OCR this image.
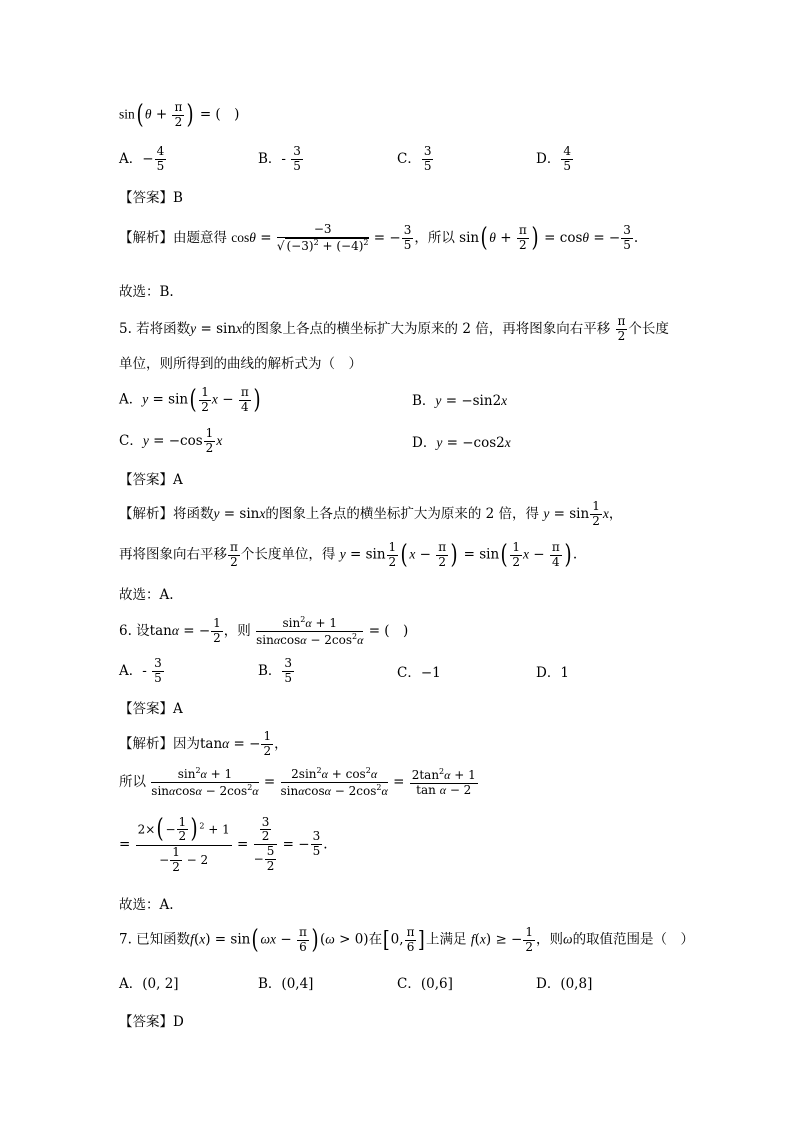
sin( $\theta + \frac{\pi}{2}$ ) = (　)
A．− $\frac{4}{5}$	B．- $\frac{3}{5}$	C． $\frac{3}{5}$	D． $\frac{4}{5}$
【答案】B
【解析】由题意得 $\cos\theta = \frac{-3}{√ (-3)^2 + (-4)^2}$ = − $\frac{3}{5}$ ，所以 sin( $\theta + \frac{\pi}{2}$ ) = cosθ = − $\frac{3}{5}$ .
故选：B.
5. 若将函数y = sinx的图象上各点的横坐标扩大为原来的 2 倍，再将图象向右平移 $\frac{\pi}{2}$ 个长度
单位，则所得到的曲线的解析式为（　）
A．$y = \sin( \frac{1}{2}$ $x - \frac{\pi}{4}$ )	B．y = −sin2x
C．$y = -\cos \frac{1}{2}$ x	D．y = −cos2x
【答案】A
【解析】将函数y = sinx的图象上各点的横坐标扩大为原来的 2 倍，得 $y = \sin \frac{1}{2}$ x，
再将图象向右平移 $\frac{\pi}{2}$ 个长度单位，得 $y = \sin \frac{1}{2}$ ( $x - \frac{\pi}{2}$ ) = $\sin( \frac{1}{2}$ $x - \frac{\pi}{4}$ ) .
故选：A.
6. 设tanα = − $\frac{1}{2}$ ，则 $\frac{\sin^2\alpha + 1}{\sin\alpha\cos\alpha - 2\cos^2\alpha}$ = (　)
A．- $\frac{3}{5}$	B． $\frac{3}{5}$	C．−1	D．1
【答案】A
【解析】因为tanα = − $\frac{1}{2}$ ，
所以 $\frac{\sin^2\alpha + 1}{\sin\alpha\cos\alpha - 2\cos^2\alpha} = \frac{2\sin^2\alpha + \cos^2\alpha}{\sin\alpha\cos\alpha - 2\cos^2\alpha} = \frac{2\tan^2\alpha + 1}{\text{tan α − 2}}$
= $\frac{2\times( - \frac{1}{2} ) ^2 + 1}{- \frac{1}{2} - 2} = \frac{\frac{3}{2}}{- \frac{5}{2}}$ = − $\frac{3}{5}$ .
故选：A.
7. 已知函数f(x) = sin( $\omega x - \frac{\pi}{6}$ ) (ω > 0)在[0, $\frac{\pi}{6}$ ]上满足 f(x) ≥ − $\frac{1}{2}$ ，则ω的取值范围是（　）
A．(0, 2]	B．(0,4]	C．(0,6]	D．(0,8]
【答案】D
